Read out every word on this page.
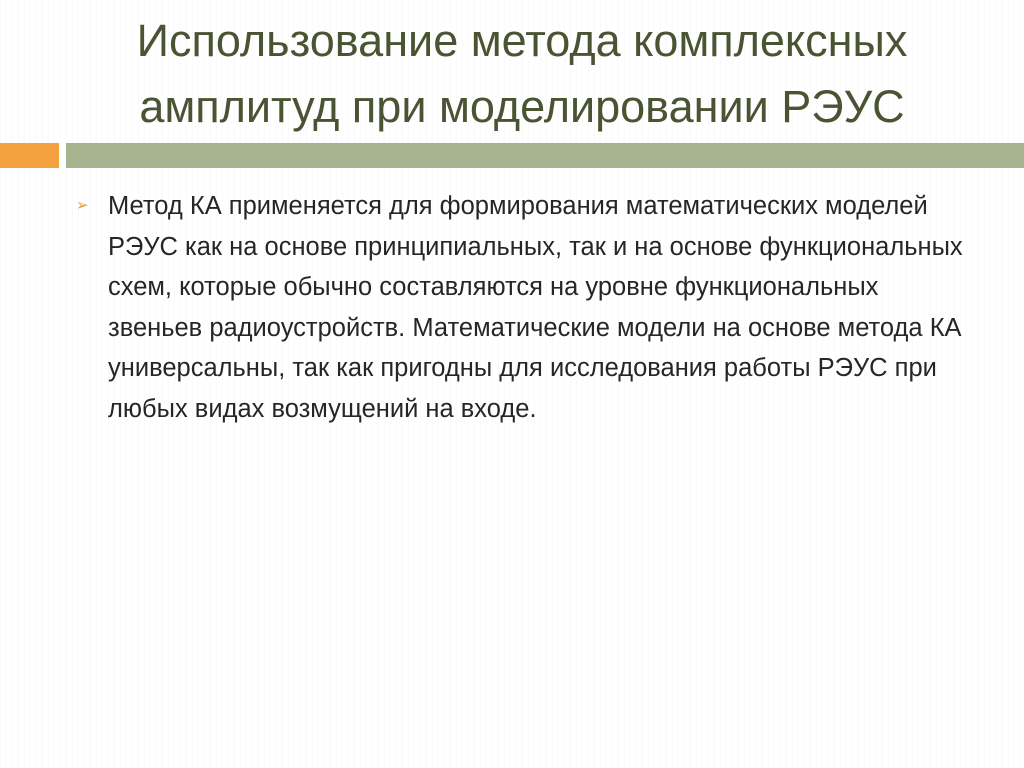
Использование метода комплексных амплитуд при моделировании РЭУС
➢ Метод КА применяется для формирования математических моделей РЭУС как на основе принципиальных, так и на основе функциональных схем, которые обычно составляются на уровне функциональных звеньев радиоустройств. Математические модели на основе метода КА универсальны, так как пригодны для исследования работы РЭУС при любых видах возмущений на входе.
